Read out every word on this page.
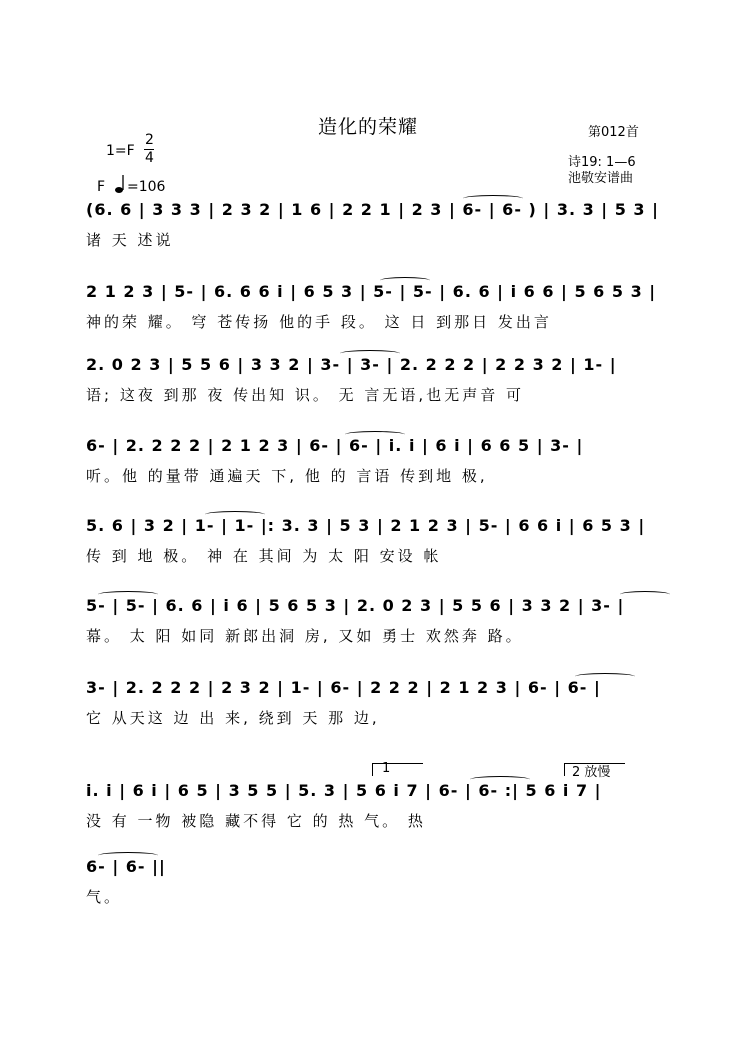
造化的荣耀	第012首
1=F
2
4	诗19: 1—6
池敬安谱曲
F =106
(6. 6 | 3 3 3 | 2 3 2 | 1 6 | 2 2 1 | 2 3 | 6- | 6- ) | 3. 3 | 5 3 |
诸 天 述说
2 1 2 3 | 5- | 6. 6 6 i | 6 5 3 | 5- | 5- | 6. 6 | i 6 6 | 5 6 5 3 |
神的荣 耀。 穹 苍传扬 他的手 段。 这 日 到那日 发出言
2. 0 2 3 | 5 5 6 | 3 3 2 | 3- | 3- | 2. 2 2 2 | 2 2 3 2 | 1- |
语; 这夜 到那 夜 传出知 识。 无 言无语,也无声音 可
6- | 2. 2 2 2 | 2 1 2 3 | 6- | 6- | i. i | 6 i | 6 6 5 | 3- |
听。他 的量带 通遍天 下, 他 的 言语 传到地 极,
5. 6 | 3 2 | 1- | 1- |: 3. 3 | 5 3 | 2 1 2 3 | 5- | 6 6 i | 6 5 3 |
传 到 地 极。 神 在 其间 为 太 阳 安设 帐
5- | 5- | 6. 6 | i 6 | 5 6 5 3 | 2. 0 2 3 | 5 5 6 | 3 3 2 | 3- |
幕。 太 阳 如同 新郎出洞 房, 又如 勇士 欢然奔 路。
3- | 2. 2 2 2 | 2 3 2 | 1- | 6- | 2 2 2 | 2 1 2 3 | 6- | 6- |
它 从天这 边 出 来, 绕到 天 那 边,
1	2 放慢
i. i | 6 i | 6 5 | 3 5 5 | 5. 3 | 5 6 i 7 | 6- | 6- :| 5 6 i 7 |
没 有 一物 被隐 藏不得 它 的 热 气。 热
6- | 6- ||
气。
